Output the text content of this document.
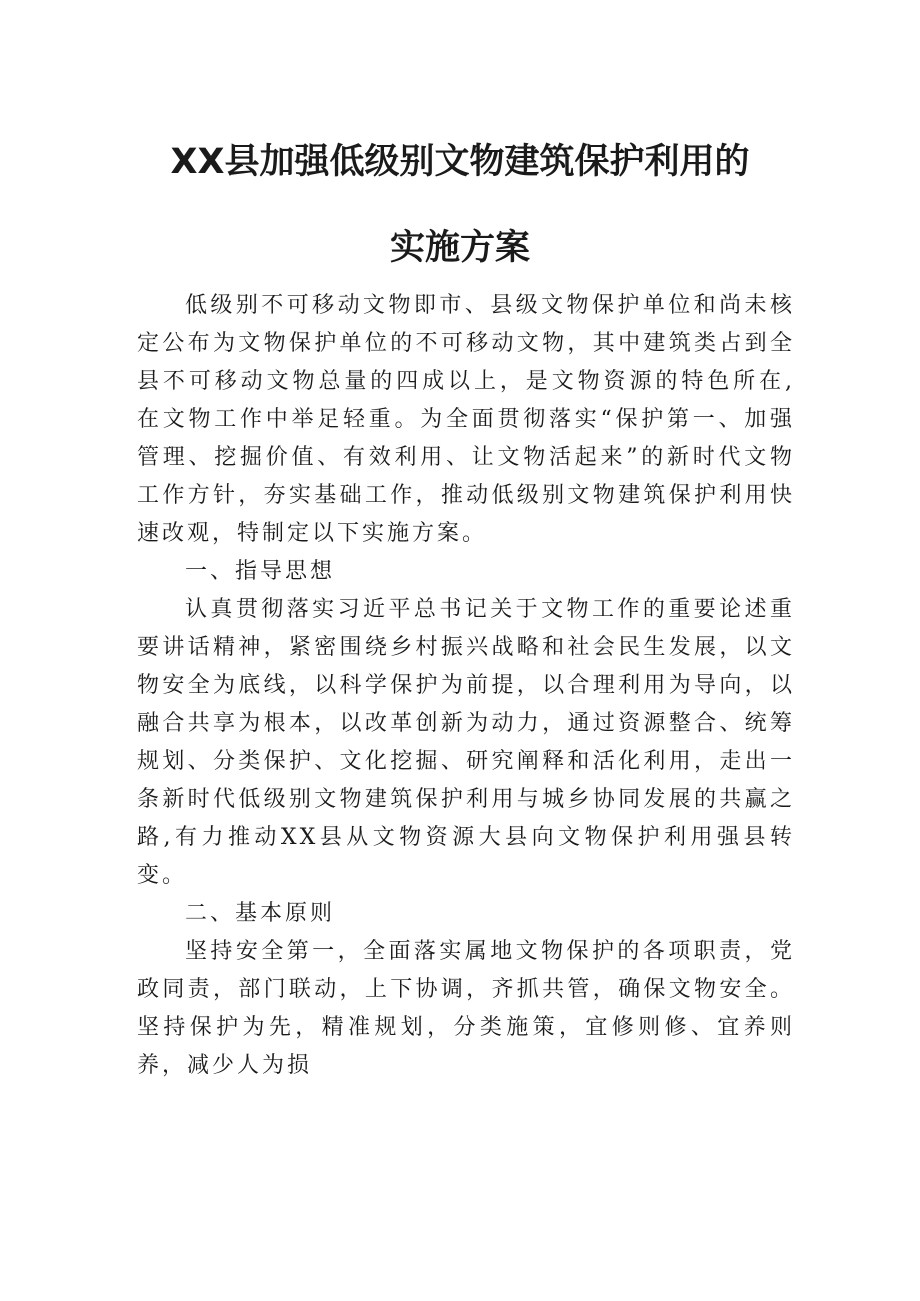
XX县加强低级别文物建筑保护利用的
实施方案

低级别不可移动文物即市、县级文物保护单位和尚未核定公布为文物保护单位的不可移动文物，其中建筑类占到全县不可移动文物总量的四成以上，是文物资源的特色所在,在文物工作中举足轻重。为全面贯彻落实“保护第一、加强管理、挖掘价值、有效利用、让文物活起来”的新时代文物工作方针，夯实基础工作，推动低级别文物建筑保护利用快速改观，特制定以下实施方案。

一、指导思想

认真贯彻落实习近平总书记关于文物工作的重要论述重要讲话精神，紧密围绕乡村振兴战略和社会民生发展，以文物安全为底线，以科学保护为前提，以合理利用为导向，以融合共享为根本，以改革创新为动力，通过资源整合、统筹规划、分类保护、文化挖掘、研究阐释和活化利用，走出一条新时代低级别文物建筑保护利用与城乡协同发展的共赢之路,有力推动XX县从文物资源大县向文物保护利用强县转变。

二、基本原则

坚持安全第一，全面落实属地文物保护的各项职责，党政同责，部门联动，上下协调，齐抓共管，确保文物安全。坚持保护为先，精准规划，分类施策，宜修则修、宜养则养，减少人为损
